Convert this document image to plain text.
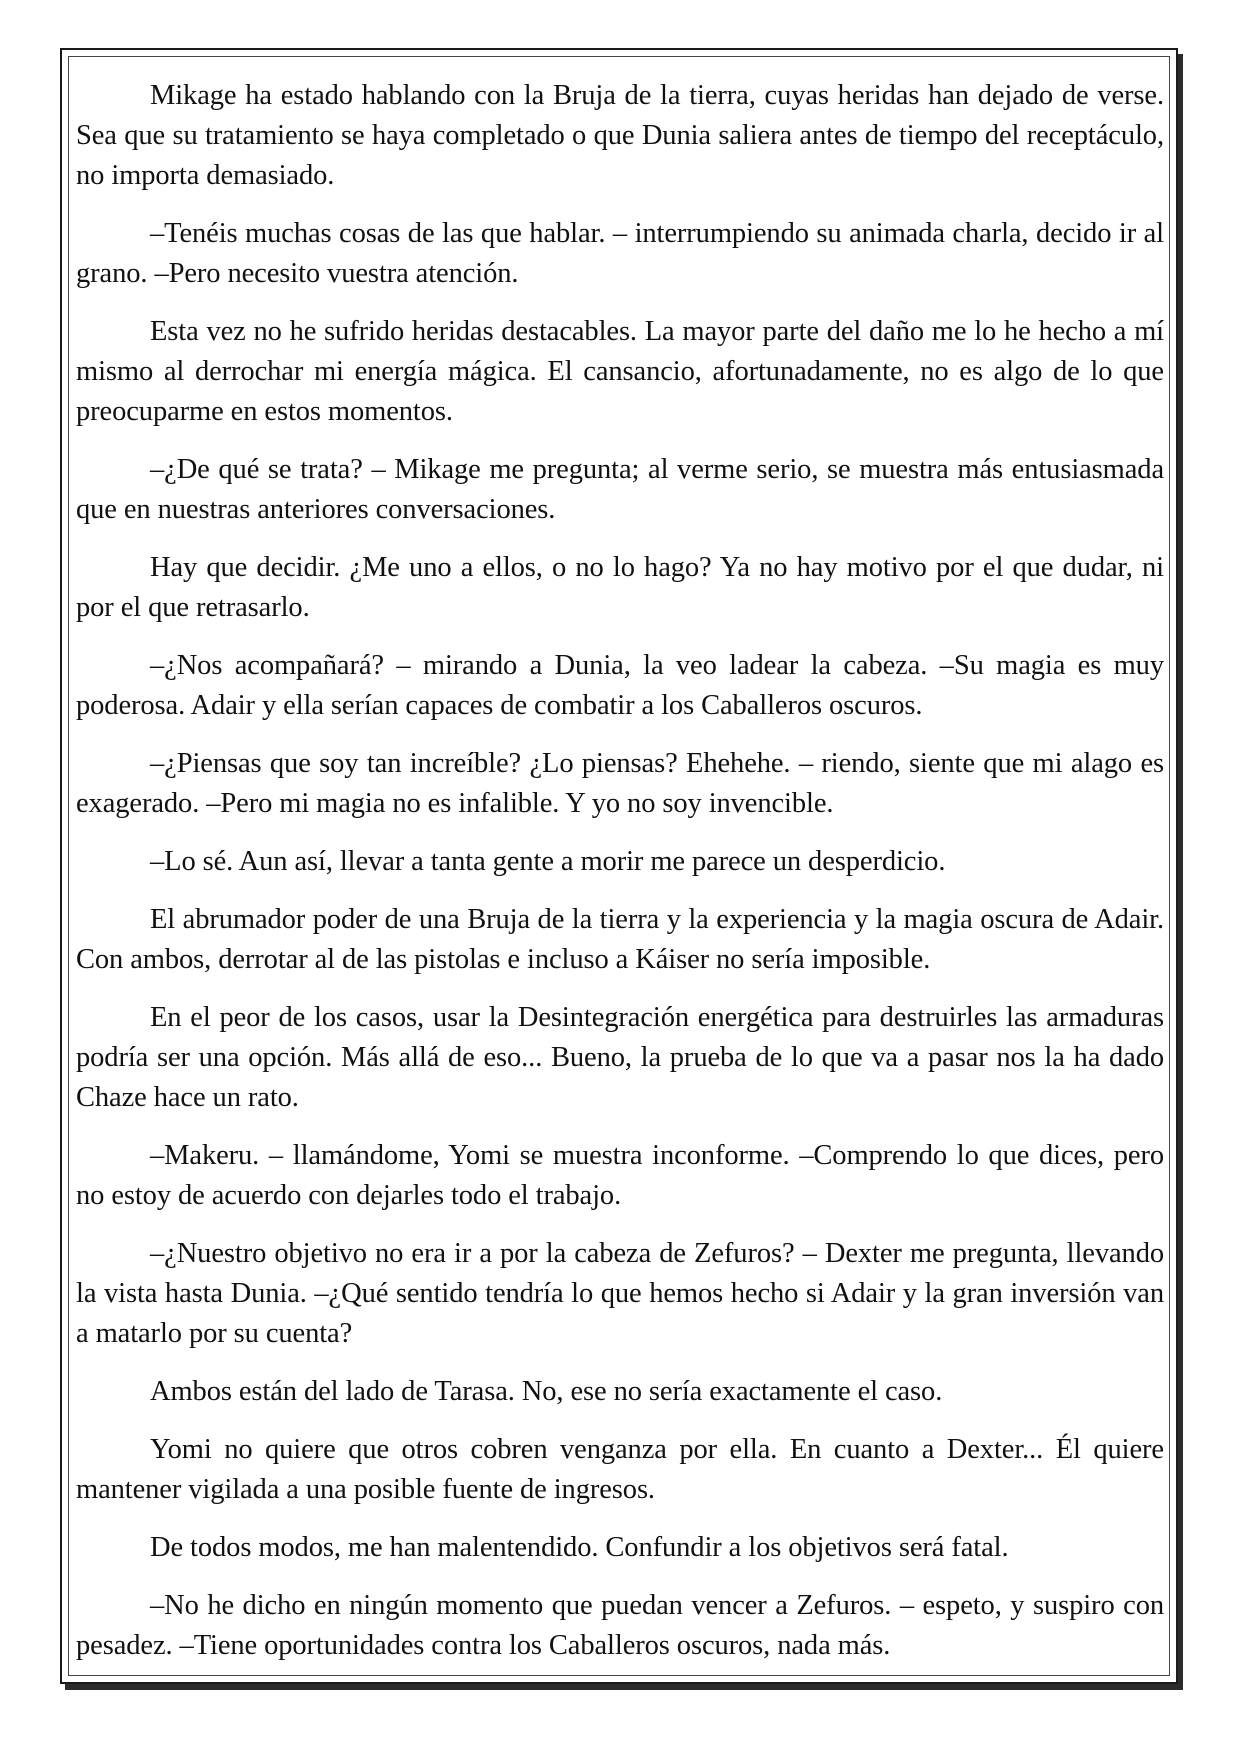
Mikage ha estado hablando con la Bruja de la tierra, cuyas heridas han dejado de verse. Sea que su tratamiento se haya completado o que Dunia saliera antes de tiempo del receptáculo, no importa demasiado.

–Tenéis muchas cosas de las que hablar. – interrumpiendo su animada charla, decido ir al grano. –Pero necesito vuestra atención.

Esta vez no he sufrido heridas destacables. La mayor parte del daño me lo he hecho a mí mismo al derrochar mi energía mágica. El cansancio, afortunadamente, no es algo de lo que preocuparme en estos momentos.

–¿De qué se trata? – Mikage me pregunta; al verme serio, se muestra más entusiasmada que en nuestras anteriores conversaciones.

Hay que decidir. ¿Me uno a ellos, o no lo hago? Ya no hay motivo por el que dudar, ni por el que retrasarlo.

–¿Nos acompañará? – mirando a Dunia, la veo ladear la cabeza. –Su magia es muy poderosa. Adair y ella serían capaces de combatir a los Caballeros oscuros.

–¿Piensas que soy tan increíble? ¿Lo piensas? Ehehehe. – riendo, siente que mi alago es exagerado. –Pero mi magia no es infalible. Y yo no soy invencible.

–Lo sé. Aun así, llevar a tanta gente a morir me parece un desperdicio.

El abrumador poder de una Bruja de la tierra y la experiencia y la magia oscura de Adair. Con ambos, derrotar al de las pistolas e incluso a Káiser no sería imposible.

En el peor de los casos, usar la Desintegración energética para destruirles las armaduras podría ser una opción. Más allá de eso... Bueno, la prueba de lo que va a pasar nos la ha dado Chaze hace un rato.

–Makeru. – llamándome, Yomi se muestra inconforme. –Comprendo lo que dices, pero no estoy de acuerdo con dejarles todo el trabajo.

–¿Nuestro objetivo no era ir a por la cabeza de Zefuros? – Dexter me pregunta, llevando la vista hasta Dunia. –¿Qué sentido tendría lo que hemos hecho si Adair y la gran inversión van a matarlo por su cuenta?

Ambos están del lado de Tarasa. No, ese no sería exactamente el caso.

Yomi no quiere que otros cobren venganza por ella. En cuanto a Dexter... Él quiere mantener vigilada a una posible fuente de ingresos.

De todos modos, me han malentendido. Confundir a los objetivos será fatal.

–No he dicho en ningún momento que puedan vencer a Zefuros. – espeto, y suspiro con pesadez. –Tiene oportunidades contra los Caballeros oscuros, nada más.
